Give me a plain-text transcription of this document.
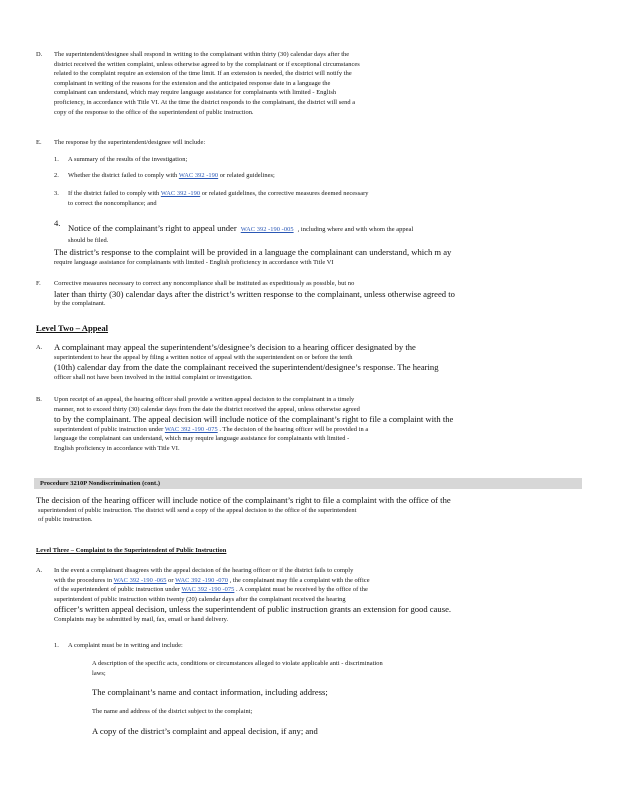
D.	The superintendent/designee shall respond in writing to the complainant within thirty (30) calendar days after the

district received the written complaint, unless otherwise agreed to by the complainant or if exceptional circumstances

related to the complaint require an extension of the time limit. If an extension is needed, the district will notify the

complainant in writing of the reasons for the extension and the anticipated response date in a language the

complainant can understand, which may require language assistance for complainants with limited - English

proficiency, in accordance with Title VI. At the time the district responds to the complainant, the district will send a

copy of the response to the office of the superintendent of public instruction.

E.	The response by the superintendent/designee will include:
1.	A summary of the results of the investigation;
2.	Whether the district failed to comply with WAC 392 -190 or related guidelines;
3.	If the district failed to comply with WAC 392 -190 or related guidelines, the corrective measures deemed necessary

to correct the noncompliance; and

4. Notice of the complainant’s right to appeal under WAC 392 -190 -005 , including where and with whom the appeal

should be filed.

The district’s response to the complaint will be provided in a language the complainant can understand, which m ay

require language assistance for complainants with limited - English proficiency in accordance with Title VI

F.	Corrective measures necessary to correct any noncompliance shall be instituted as expeditiously as possible, but no

later than thirty (30) calendar days after the district’s written response to the complainant, unless otherwise agreed to

by the complainant.

Level Two – Appeal
A.	A complainant may appeal the superintendent’s/designee’s decision to a hearing officer designated by the

superintendent to hear the appeal by filing a written notice of appeal with the superintendent on or before the tenth

(10th) calendar day from the date the complainant received the superintendent/designee’s response. The hearing

officer shall not have been involved in the initial complaint or investigation.

B.	Upon receipt of an appeal, the hearing officer shall provide a written appeal decision to the complainant in a timely

manner, not to exceed thirty (30) calendar days from the date the district received the appeal, unless otherwise agreed

to by the complainant. The appeal decision will include notice of the complainant’s right to file a complaint with the

superintendent of public instruction under WAC 392 -190 -075 . The decision of the hearing officer will be provided in a

language the complainant can understand, which may require language assistance for complainants with limited -

English proficiency in accordance with Title VI.

Procedure 3210P Nondiscrimination (cont.)

The decision of the hearing officer will include notice of the complainant’s right to file a complaint with the office of the

superintendent of public instruction. The district will send a copy of the appeal decision to the office of the superintendent

of public instruction.

Level Three – Complaint to the Superintendent of Public Instruction
A.	In the event a complainant disagrees with the appeal decision of the hearing officer or if the district fails to comply

with the procedures in WAC 392 -190 -065 or WAC 392 -190 -070 , the complainant may file a complaint with the office

of the superintendent of public instruction under WAC 392 -190 -075 . A complaint must be received by the office of the

superintendent of public instruction within twenty (20) calendar days after the complainant received the hearing

officer’s written appeal decision, unless the superintendent of public instruction grants an extension for good cause.

Complaints may be submitted by mail, fax, email or hand delivery.

1.	A complaint must be in writing and include:

A description of the specific acts, conditions or circumstances alleged to violate applicable anti - discrimination

laws;

The complainant’s name and contact information, including address;
The name and address of the district subject to the complaint;
A copy of the district’s complaint and appeal decision, if any; and
